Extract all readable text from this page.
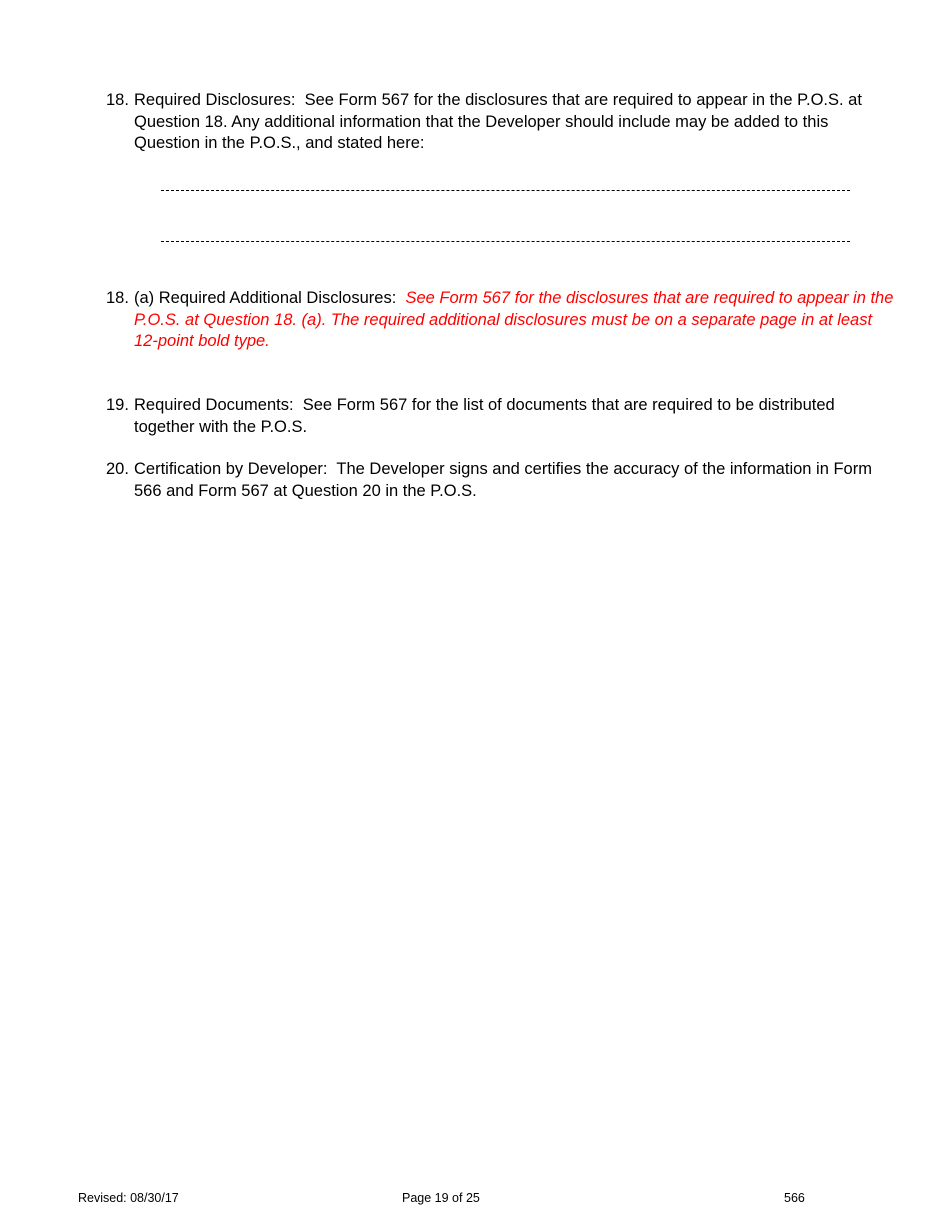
18. Required Disclosures: See Form 567 for the disclosures that are required to appear in the P.O.S. at Question 18. Any additional information that the Developer should include may be added to this Question in the P.O.S., and stated here:
18. (a) Required Additional Disclosures: See Form 567 for the disclosures that are required to appear in the P.O.S. at Question 18. (a). The required additional disclosures must be on a separate page in at least 12-point bold type.
19. Required Documents: See Form 567 for the list of documents that are required to be distributed together with the P.O.S.
20. Certification by Developer: The Developer signs and certifies the accuracy of the information in Form 566 and Form 567 at Question 20 in the P.O.S.
Revised: 08/30/17	Page 19 of 25	566
